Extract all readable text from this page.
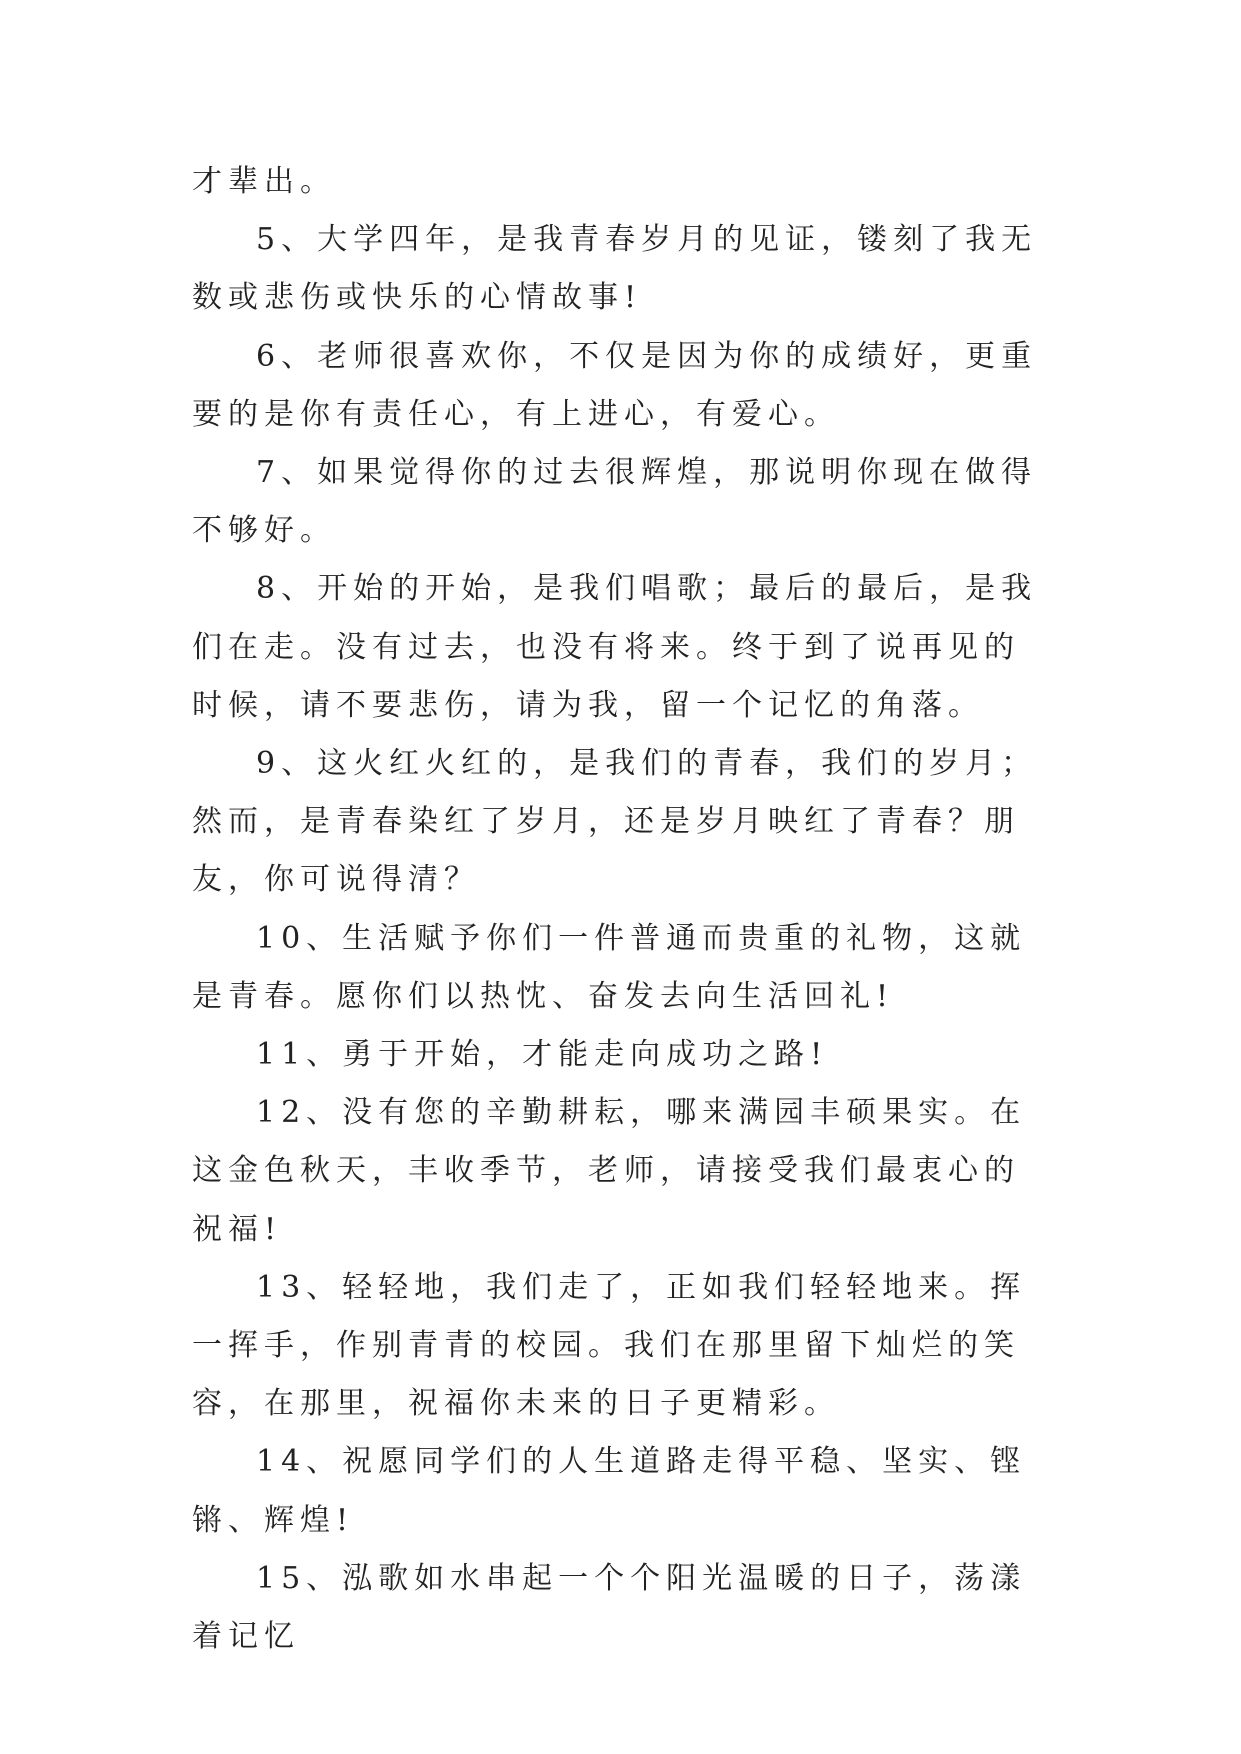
才辈出。

5、大学四年，是我青春岁月的见证，镂刻了我无数或悲伤或快乐的心情故事!

6、老师很喜欢你，不仅是因为你的成绩好，更重要的是你有责任心，有上进心，有爱心。

7、如果觉得你的过去很辉煌，那说明你现在做得不够好。

8、开始的开始，是我们唱歌；最后的最后，是我们在走。没有过去，也没有将来。终于到了说再见的时候，请不要悲伤，请为我，留一个记忆的角落。

9、这火红火红的，是我们的青春，我们的岁月；然而，是青春染红了岁月，还是岁月映红了青春？朋友，你可说得清？

10、生活赋予你们一件普通而贵重的礼物，这就是青春。愿你们以热忱、奋发去向生活回礼!

11、勇于开始，才能走向成功之路!

12、没有您的辛勤耕耘，哪来满园丰硕果实。在这金色秋天，丰收季节，老师，请接受我们最衷心的祝福!

13、轻轻地，我们走了，正如我们轻轻地来。挥一挥手，作别青青的校园。我们在那里留下灿烂的笑容，在那里，祝福你未来的日子更精彩。

14、祝愿同学们的人生道路走得平稳、坚实、铿锵、辉煌!

15、泓歌如水串起一个个阳光温暖的日子，荡漾着记忆
